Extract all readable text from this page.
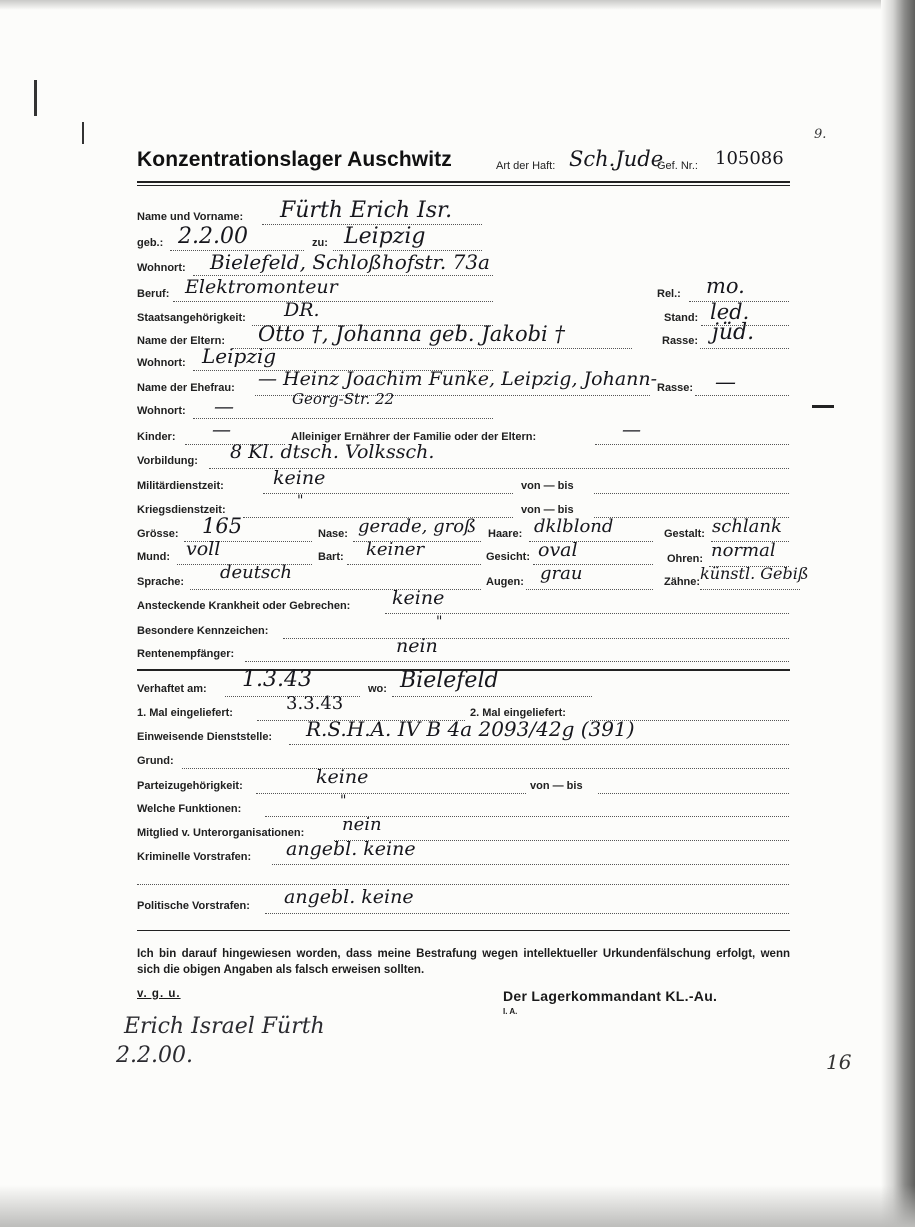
9.
16
Konzentrationslager Auschwitz	Art der Haft: Sch.Jude
Gef. Nr.: 105086
Name und Vorname: Fürth Erich Isr.
geb.: 2.2.00	zu: Leipzig
Wohnort: Bielefeld, Schloßhofstr. 73a
Beruf: Elektromonteur	Rel.: mo.
Staatsangehörigkeit: DR.	Stand: led.
Name der Eltern: Otto †, Johanna geb. Jakobi †	Rasse: jüd.
Wohnort: Leipzig
Name der Ehefrau: — Heinz Joachim Funke, Leipzig, Johann-
Georg-Str. 22
Rasse: —
Wohnort: —
Kinder: —	Alleiniger Ernährer der Familie oder der Eltern:	—
Vorbildung: 8 Kl. dtsch. Volkssch.
Militärdienstzeit:	keine	von — bis
Kriegsdienstzeit:
"
von — bis
Grösse: 165	Nase: gerade, groß Haare: dklblond	Gestalt: schlank
Mund: voll	Bart: keiner	Gesicht: oval	Ohren: normal
Sprache: deutsch	Augen: grau	Zähne: künstl. Gebiß
Ansteckende Krankheit oder Gebrechen: keine
Besondere Kennzeichen:
"
Rentenempfänger:	nein
Verhaftet am: 1.3.43	wo: Bielefeld
1. Mal eingeliefert:	3.3.43	2. Mal eingeliefert:
Einweisende Dienststelle: R.S.H.A. IV B 4a 2093/42g (391)
Grund:
Parteizugehörigkeit:	keine	von — bis
Welche Funktionen:	"
Mitglied v. Unterorganisationen: nein
Kriminelle Vorstrafen: angebl. keine
Politische Vorstrafen: angebl. keine
Ich bin darauf hingewiesen worden, dass meine Bestrafung wegen intellektueller Urkundenfälschung erfolgt, wenn sich die obigen Angaben als falsch erweisen sollten.
v. g. u.	Der Lagerkommandant KL.-Au.
I. A.
Erich Israel Fürth
2.2.00.
